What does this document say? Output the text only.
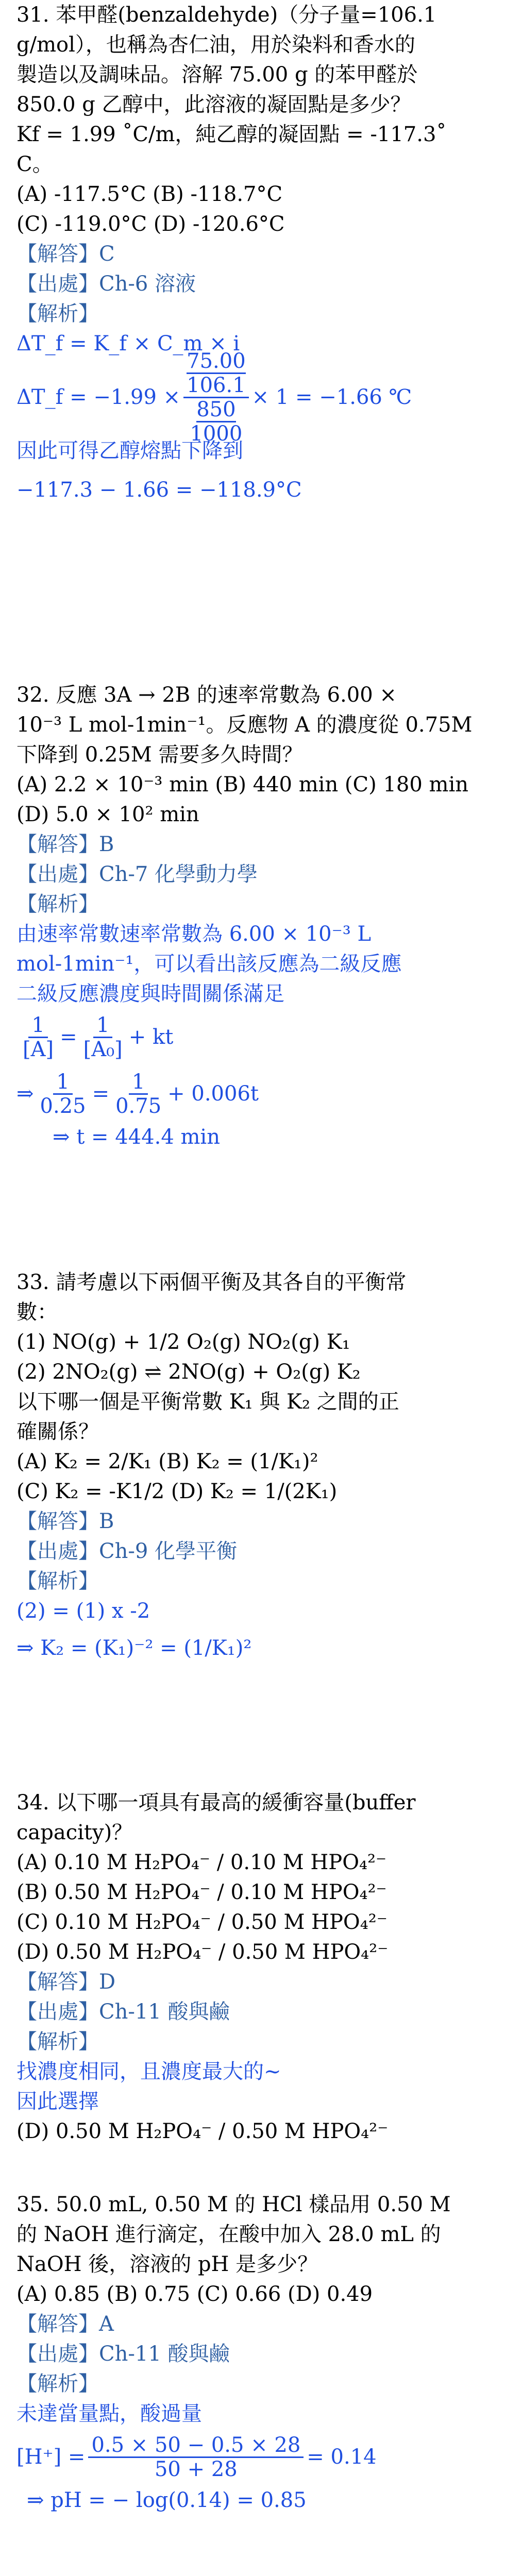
31. 苯甲醛(benzaldehyde)（分子量=106.1
g/mol），也稱為杏仁油，用於染料和香水的
製造以及調味品。溶解 75.00 g 的苯甲醛於
850.0 g 乙醇中，此溶液的凝固點是多少？
Kf = 1.99 ˚C/m，純乙醇的凝固點 = -117.3˚
C。
(A) -117.5°C (B) -118.7°C
(C) -119.0°C (D) -120.6°C
【解答】C
【出處】Ch-6 溶液
【解析】
ΔT_f = K_f × C_m × i
ΔT_f = −1.99 × 75.00
106.1
850
1000 × 1 = −1.66 ℃
因此可得乙醇熔點下降到
−117.3 − 1.66 = −118.9°C
32. 反應 3A → 2B 的速率常數為 6.00 ×
10⁻³ L mol-1min⁻¹。反應物 A 的濃度從 0.75M
下降到 0.25M 需要多久時間？
(A) 2.2 × 10⁻³ min (B) 440 min (C) 180 min
(D) 5.0 × 10² min
【解答】B
【出處】Ch-7 化學動力學
【解析】
由速率常數速率常數為 6.00 × 10⁻³ L
mol-1min⁻¹，可以看出該反應為二級反應
二級反應濃度與時間關係滿足
$\frac{1}{[A]} = \frac{1}{\text{[A₀]}}$ + kt
⇒ $\frac{1}{0.25} = \frac{1}{0.75} + 0.006t$
⇒ t = 444.4 min
33. 請考慮以下兩個平衡及其各自的平衡常
數：
(1) NO(g) + 1/2 O₂(g) NO₂(g) K₁
(2) 2NO₂(g) ⇌ 2NO(g) + O₂(g) K₂
以下哪一個是平衡常數 K₁ 與 K₂ 之間的正
確關係？
(A) K₂ = 2/K₁ (B) K₂ = (1/K₁)²
(C) K₂ = -K1/2 (D) K₂ = 1/(2K₁)
【解答】B
【出處】Ch-9 化學平衡
【解析】
(2) = (1) x -2
⇒ K₂ = (K₁)⁻² = (1/K₁)²
34. 以下哪一項具有最高的緩衝容量(buffer
capacity)？
(A) 0.10 M H₂PO₄⁻ / 0.10 M HPO₄²⁻
(B) 0.50 M H₂PO₄⁻ / 0.10 M HPO₄²⁻
(C) 0.10 M H₂PO₄⁻ / 0.50 M HPO₄²⁻
(D) 0.50 M H₂PO₄⁻ / 0.50 M HPO₄²⁻
【解答】D
【出處】Ch-11 酸與鹼
【解析】
找濃度相同，且濃度最大的~
因此選擇
(D) 0.50 M H₂PO₄⁻ / 0.50 M HPO₄²⁻
35. 50.0 mL, 0.50 M 的 HCl 樣品用 0.50 M
的 NaOH 進行滴定，在酸中加入 28.0 mL 的
NaOH 後，溶液的 pH 是多少？
(A) 0.85 (B) 0.75 (C) 0.66 (D) 0.49
【解答】A
【出處】Ch-11 酸與鹼
【解析】
未達當量點，酸過量
$[H^+] = \frac{0.5 \times 50 - 0.5 \times 28}{50 + 28} = 0.14$
⇒ pH = − log(0.14) = 0.85
